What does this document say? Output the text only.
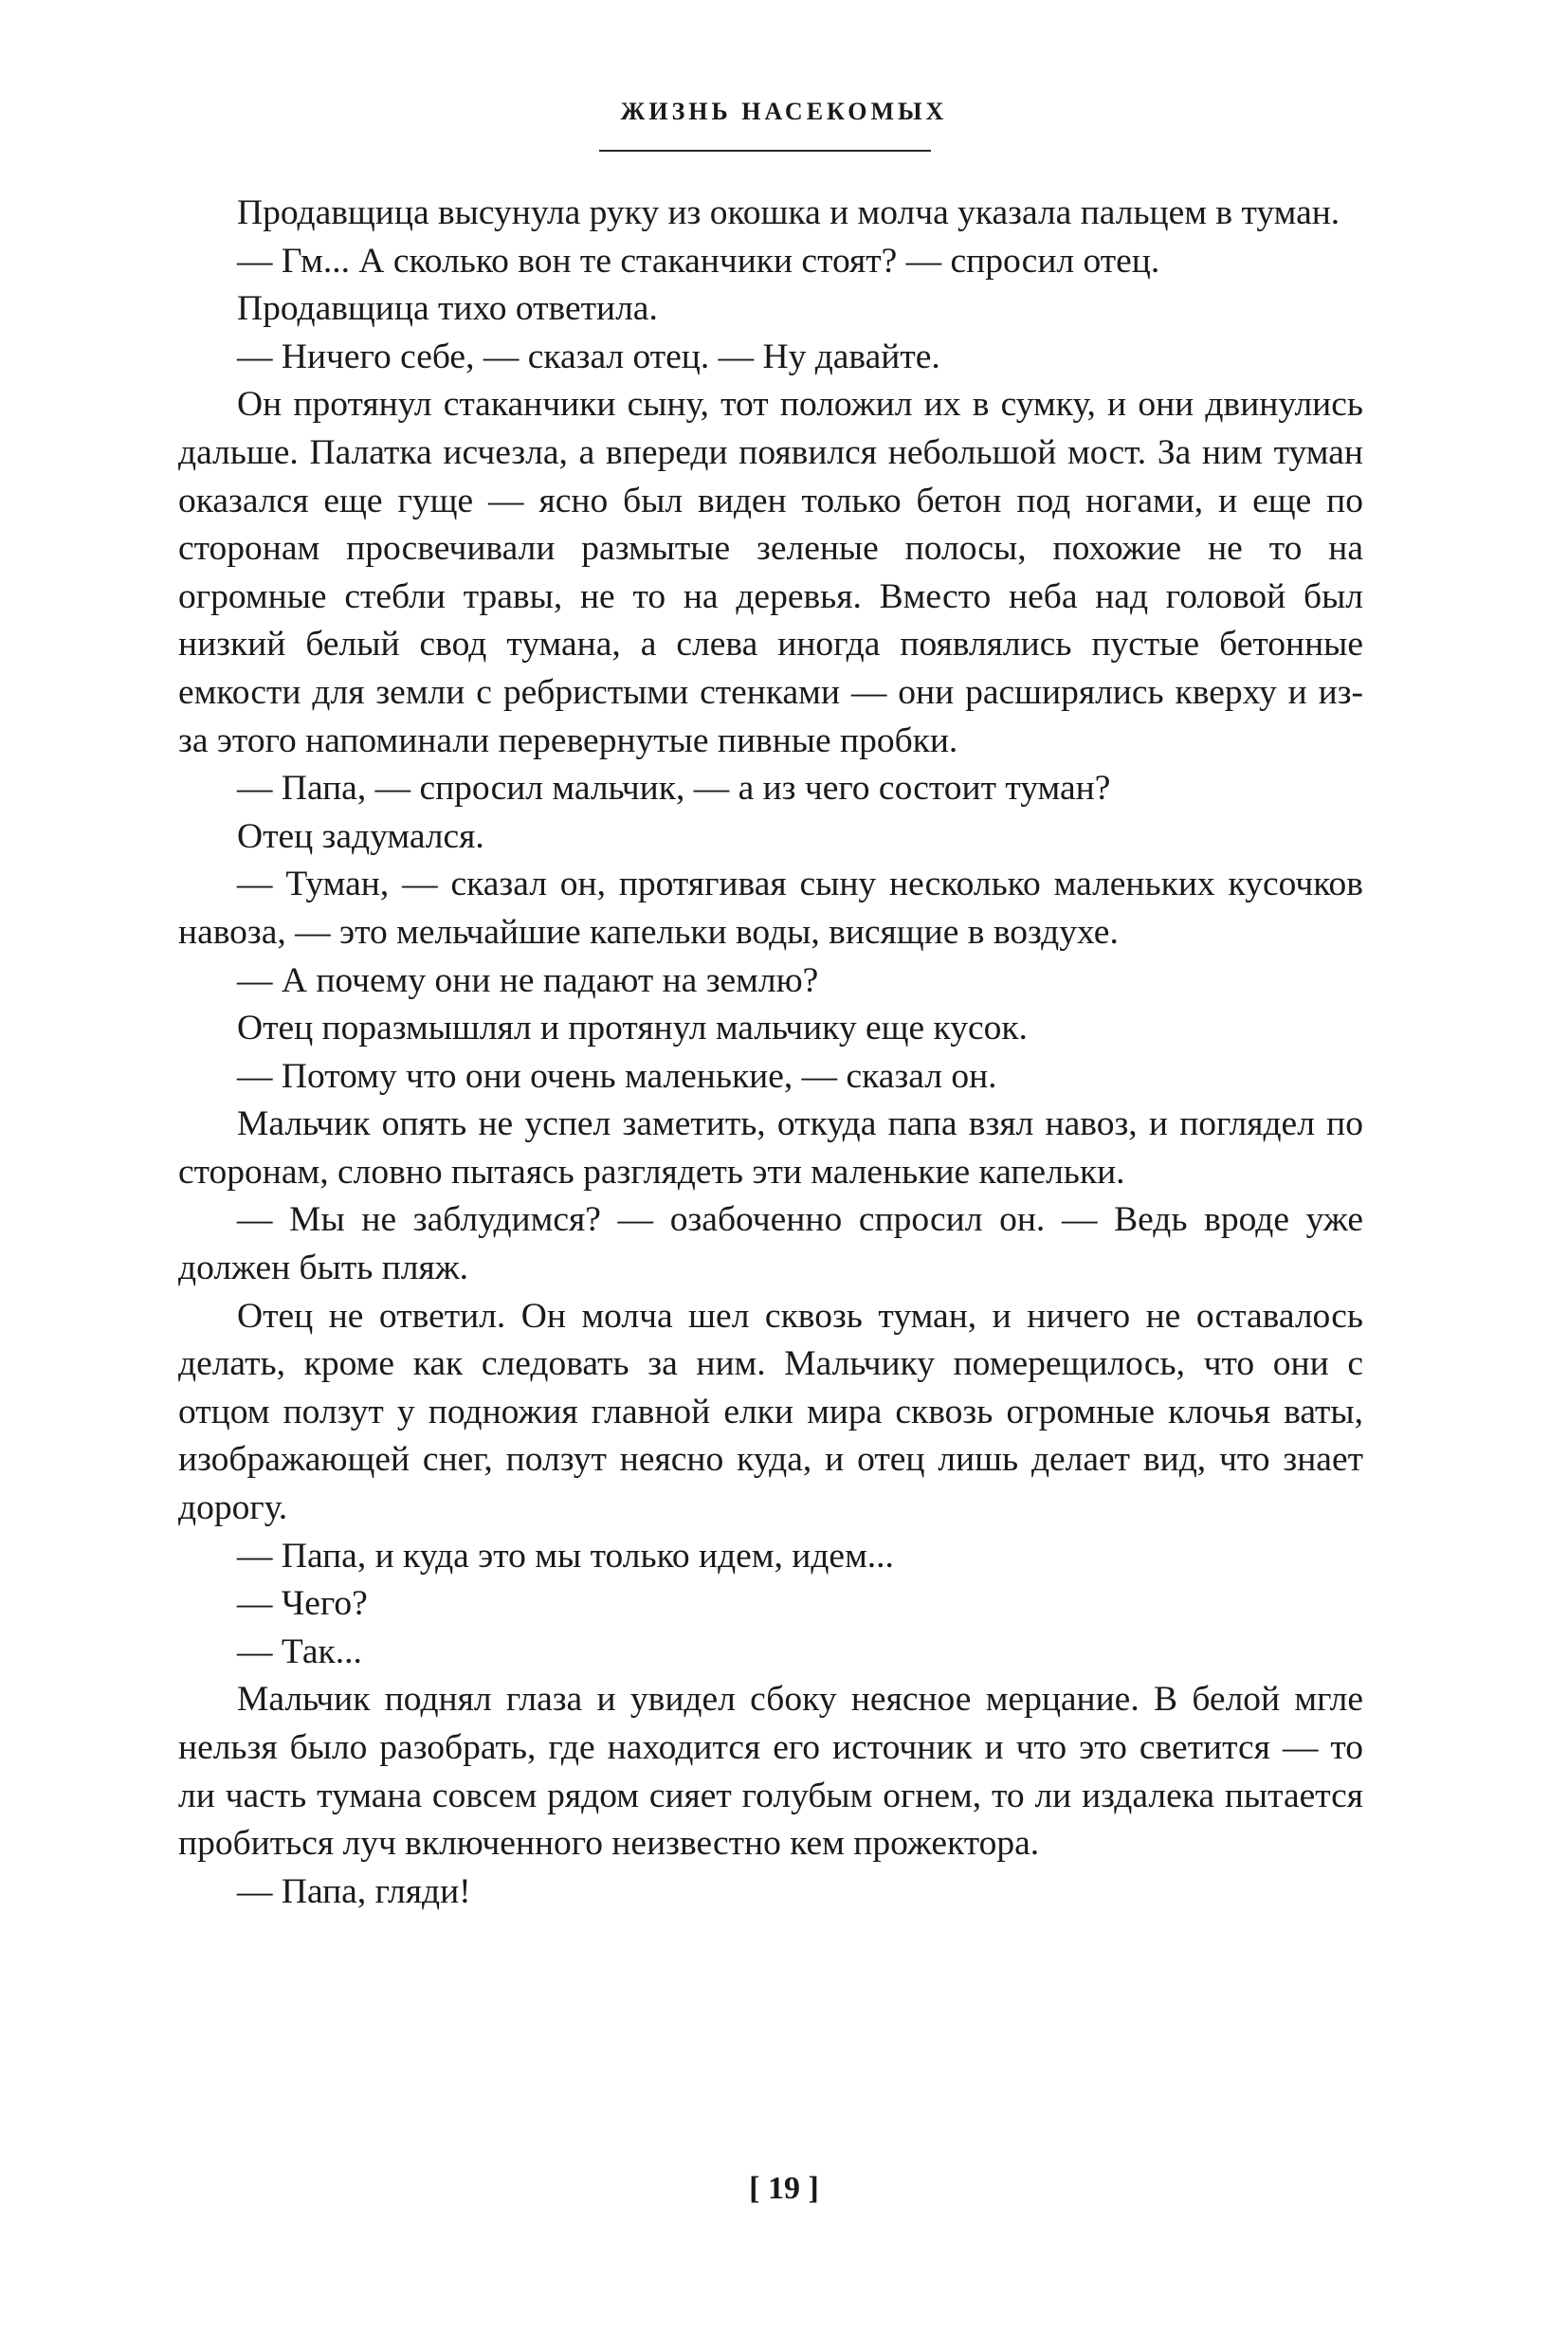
ЖИЗНЬ НАСЕКОМЫХ

Продавщица высунула руку из окошка и молча указала пальцем в туман.

— Гм... А сколько вон те стаканчики стоят? — спросил отец.

Продавщица тихо ответила.

— Ничего себе, — сказал отец. — Ну давайте.

Он протянул стаканчики сыну, тот положил их в сумку, и они двинулись дальше. Палатка исчезла, а впереди появился небольшой мост. За ним туман оказался еще гуще — ясно был виден только бетон под ногами, и еще по сторонам просвечивали размытые зеленые полосы, похожие не то на огромные стебли травы, не то на деревья. Вместо неба над головой был низкий белый свод тумана, а слева иногда появлялись пустые бетонные емкости для земли с ребристыми стенками — они расширялись кверху и из-за этого напоминали перевернутые пивные пробки.

— Папа, — спросил мальчик, — а из чего состоит туман?

Отец задумался.

— Туман, — сказал он, протягивая сыну несколько маленьких кусочков навоза, — это мельчайшие капельки воды, висящие в воздухе.

— А почему они не падают на землю?

Отец поразмышлял и протянул мальчику еще кусок.

— Потому что они очень маленькие, — сказал он.

Мальчик опять не успел заметить, откуда папа взял навоз, и поглядел по сторонам, словно пытаясь разглядеть эти маленькие капельки.

— Мы не заблудимся? — озабоченно спросил он. — Ведь вроде уже должен быть пляж.

Отец не ответил. Он молча шел сквозь туман, и ничего не оставалось делать, кроме как следовать за ним. Мальчику померещилось, что они с отцом ползут у подножия главной елки мира сквозь огромные клочья ваты, изображающей снег, ползут неясно куда, и отец лишь делает вид, что знает дорогу.

— Папа, и куда это мы только идем, идем...

— Чего?

— Так...

Мальчик поднял глаза и увидел сбоку неясное мерцание. В белой мгле нельзя было разобрать, где находится его источник и что это светится — то ли часть тумана совсем рядом сияет голубым огнем, то ли издалека пытается пробиться луч включенного неизвестно кем прожектора.

— Папа, гляди!

[ 19 ]
